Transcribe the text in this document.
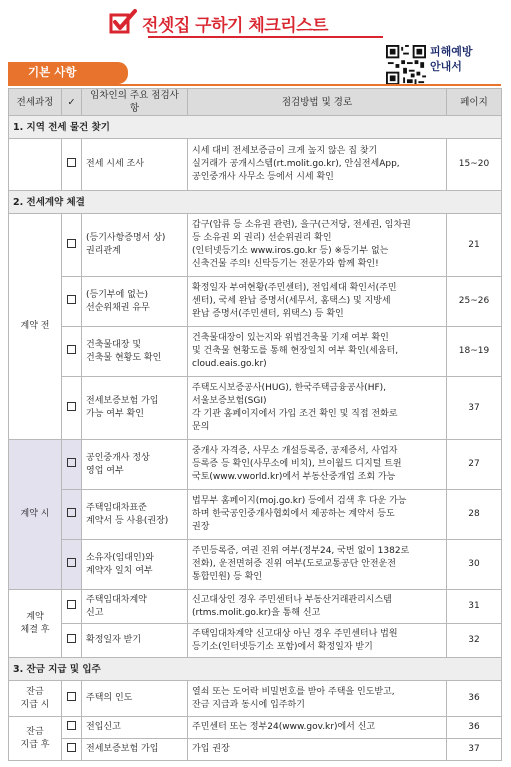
전셋집 구하기 체크리스트
피해예방
안내서
기본 사항
전세과정	✓	임차인의 주요 점검사항	점검방법 및 경로	페이지
1. 지역 전세 물건 찾기				
		전세 시세 조사	시세 대비 전세보증금이 크게 높지 않은 집 찾기
실거래가 공개시스템(rt.molit.go.kr), 안심전세App,
공인중개사 사무소 등에서 시세 확인	15~20
2. 전세계약 체결				
계약 전		(등기사항증명서 상)
권리관계	갑구(압류 등 소유권 관련), 을구(근저당, 전세권, 임차권
등 소유권 외 권리) 선순위권리 확인
(인터넷등기소 www.iros.go.kr 등) ※등기부 없는
신축건물 주의! 신탁등기는 전문가와 함께 확인!	21
		(등기부에 없는)
선순위채권 유무	확정일자 부여현황(주민센터), 전입세대 확인서(주민
센터), 국세 완납 증명서(세무서, 홈택스) 및 지방세
완납 증명서(주민센터, 위택스) 등 확인	25~26
		건축물대장 및
건축물 현황도 확인	건축물대장이 있는지와 위법건축물 기재 여부 확인
및 건축물 현황도를 통해 현장일치 여부 확인(세움터,
cloud.eais.go.kr)	18~19
		전세보증보험 가입
가능 여부 확인	주택도시보증공사(HUG), 한국주택금융공사(HF),
서울보증보험(SGI)
각 기관 홈페이지에서 가입 조건 확인 및 직접 전화로
문의	37
계약 시		공인중개사 정상
영업 여부	중개사 자격증, 사무소 개설등록증, 공제증서, 사업자
등록증 등 확인(사무소에 비치), 브이월드 디지털 트윈
국토(www.vworld.kr)에서 부동산중개업 조회 가능	27
		주택임대차표준
계약서 등 사용(권장)	법무부 홈페이지(moj.go.kr) 등에서 검색 후 다운 가능
하며 한국공인중개사협회에서 제공하는 계약서 등도
권장	28
		소유자(임대인)와
계약자 일치 여부	주민등록증, 여권 진위 여부(정부24, 국번 없이 1382로
전화), 운전면허증 진위 여부(도로교통공단 안전운전
통합민원) 등 확인	30
계약
체결 후		주택임대차계약
신고	신고대상인 경우 주민센터나 부동산거래관리시스템
(rtms.molit.go.kr)을 통해 신고	31
		확정일자 받기	주택임대차계약 신고대상 아닌 경우 주민센터나 법원
등기소(인터넷등기소 포함)에서 확정일자 받기	32
3. 잔금 지급 및 입주				
잔금
지급 시		주택의 인도	열쇠 또는 도어락 비밀번호를 받아 주택을 인도받고,
잔금 지급과 동시에 입주하기	36
잔금
지급 후		전입신고	주민센터 또는 정부24(www.gov.kr)에서 신고	36
		전세보증보험 가입	가입 권장	37
